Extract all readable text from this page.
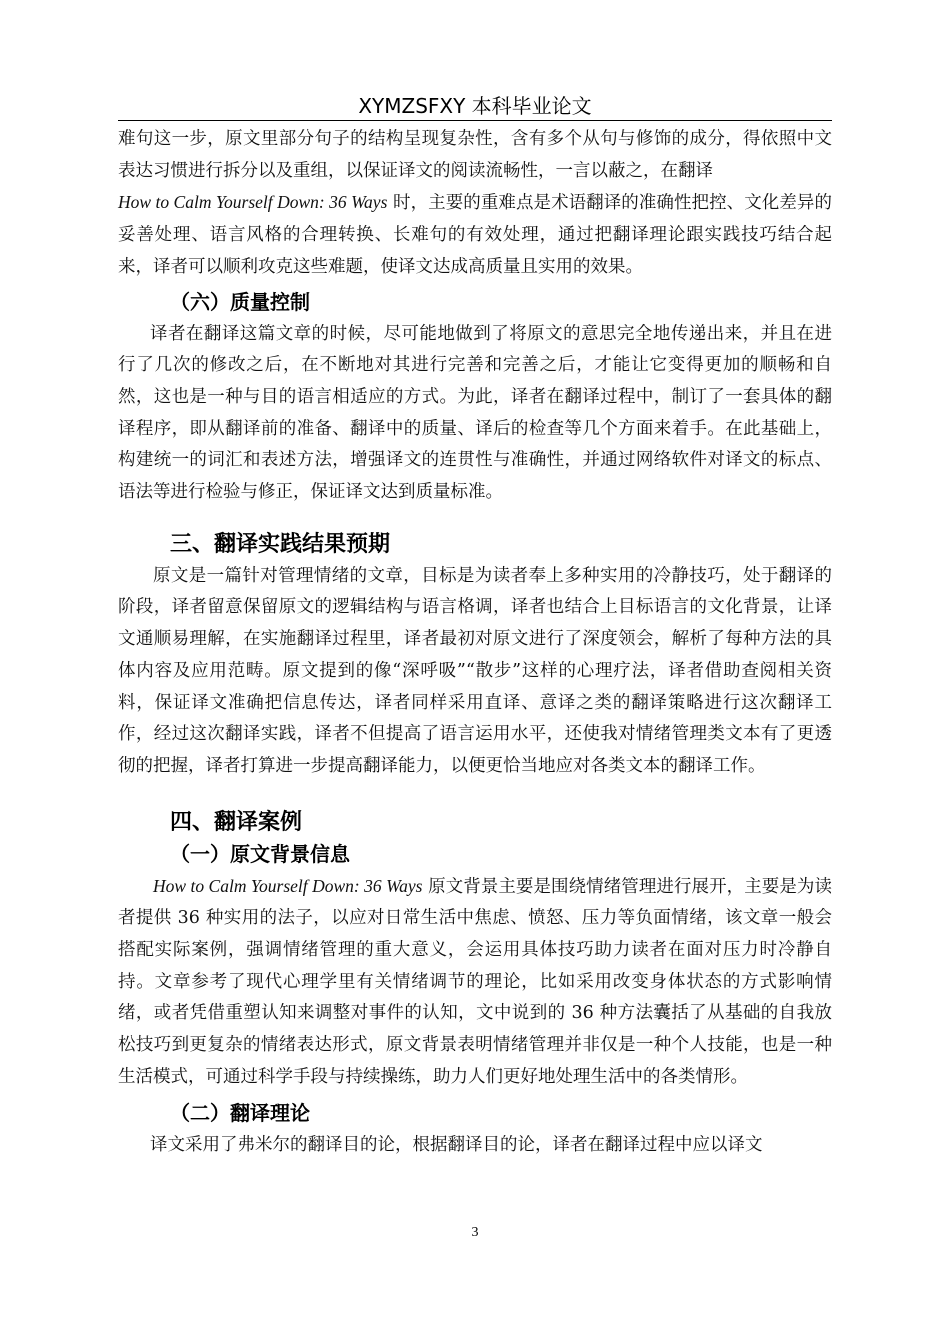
XYMZSFXY 本科毕业论文

难句这一步，原文里部分句子的结构呈现复杂性，含有多个从句与修饰的成分，得依照中文表达习惯进行拆分以及重组，以保证译文的阅读流畅性，一言以蔽之，在翻译
How to Calm Yourself Down: 36 Ways 时，主要的重难点是术语翻译的准确性把控、文化差异的妥善处理、语言风格的合理转换、长难句的有效处理，通过把翻译理论跟实践技巧结合起来，译者可以顺利攻克这些难题，使译文达成高质量且实用的效果。

（六）质量控制

译者在翻译这篇文章的时候，尽可能地做到了将原文的意思完全地传递出来，并且在进行了几次的修改之后，在不断地对其进行完善和完善之后，才能让它变得更加的顺畅和自然，这也是一种与目的语言相适应的方式。为此，译者在翻译过程中，制订了一套具体的翻译程序，即从翻译前的准备、翻译中的质量、译后的检查等几个方面来着手。在此基础上，构建统一的词汇和表述方法，增强译文的连贯性与准确性，并通过网络软件对译文的标点、语法等进行检验与修正，保证译文达到质量标准。

三、翻译实践结果预期

原文是一篇针对管理情绪的文章，目标是为读者奉上多种实用的冷静技巧，处于翻译的阶段，译者留意保留原文的逻辑结构与语言格调，译者也结合上目标语言的文化背景，让译文通顺易理解，在实施翻译过程里，译者最初对原文进行了深度领会，解析了每种方法的具体内容及应用范畴。原文提到的像“深呼吸”“散步”这样的心理疗法，译者借助查阅相关资料，保证译文准确把信息传达，译者同样采用直译、意译之类的翻译策略进行这次翻译工作，经过这次翻译实践，译者不但提高了语言运用水平，还使我对情绪管理类文本有了更透彻的把握，译者打算进一步提高翻译能力，以便更恰当地应对各类文本的翻译工作。

四、翻译案例
（一）原文背景信息

How to Calm Yourself Down: 36 Ways 原文背景主要是围绕情绪管理进行展开，主要是为读者提供 36 种实用的法子，以应对日常生活中焦虑、愤怒、压力等负面情绪，该文章一般会搭配实际案例，强调情绪管理的重大意义，会运用具体技巧助力读者在面对压力时冷静自持。文章参考了现代心理学里有关情绪调节的理论，比如采用改变身体状态的方式影响情绪，或者凭借重塑认知来调整对事件的认知，文中说到的 36 种方法囊括了从基础的自我放松技巧到更复杂的情绪表达形式，原文背景表明情绪管理并非仅是一种个人技能，也是一种生活模式，可通过科学手段与持续操练，助力人们更好地处理生活中的各类情形。

（二）翻译理论

译文采用了弗米尔的翻译目的论，根据翻译目的论，译者在翻译过程中应以译文

3
